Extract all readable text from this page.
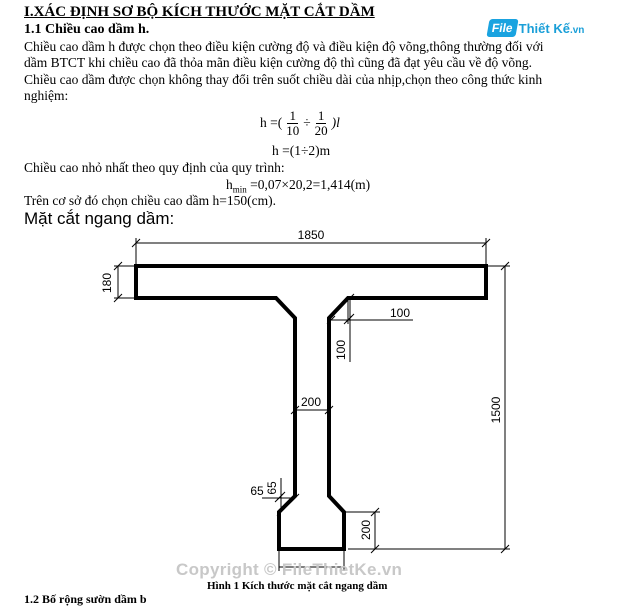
File Thiết Kế.vn
I.XÁC ĐỊNH SƠ BỘ KÍCH THƯỚC MẶT CẮT DẦM
1.1 Chiều cao dầm h.
Chiều cao dầm h được chọn theo điều kiện cường độ và điều kiện độ võng,thông thường đối với
dầm BTCT khi chiều cao đã thỏa mãn điều kiện cường độ thì cũng đã đạt yêu cầu về độ võng.
Chiều cao dầm được chọn không thay đổi trên suốt chiều dài của nhịp,chọn theo công thức kinh
nghiệm:
h =( $\frac{1}{10} \div \frac{1}{20} )l$
h =(1÷2)m
Chiều cao nhỏ nhất theo quy định của quy trình:
$h_{min} =0,07\times 20,2=1,414(m)$
Trên cơ sở đó chọn chiều cao dầm h=150(cm).
Mặt cắt ngang dầm:
1850
180
100
100
200	1500
65 65
200
Copyright © FileThietKe.vn
Hình 1 Kích thước mặt cắt ngang dầm
1.2 Bố rộng sườn dầm b
